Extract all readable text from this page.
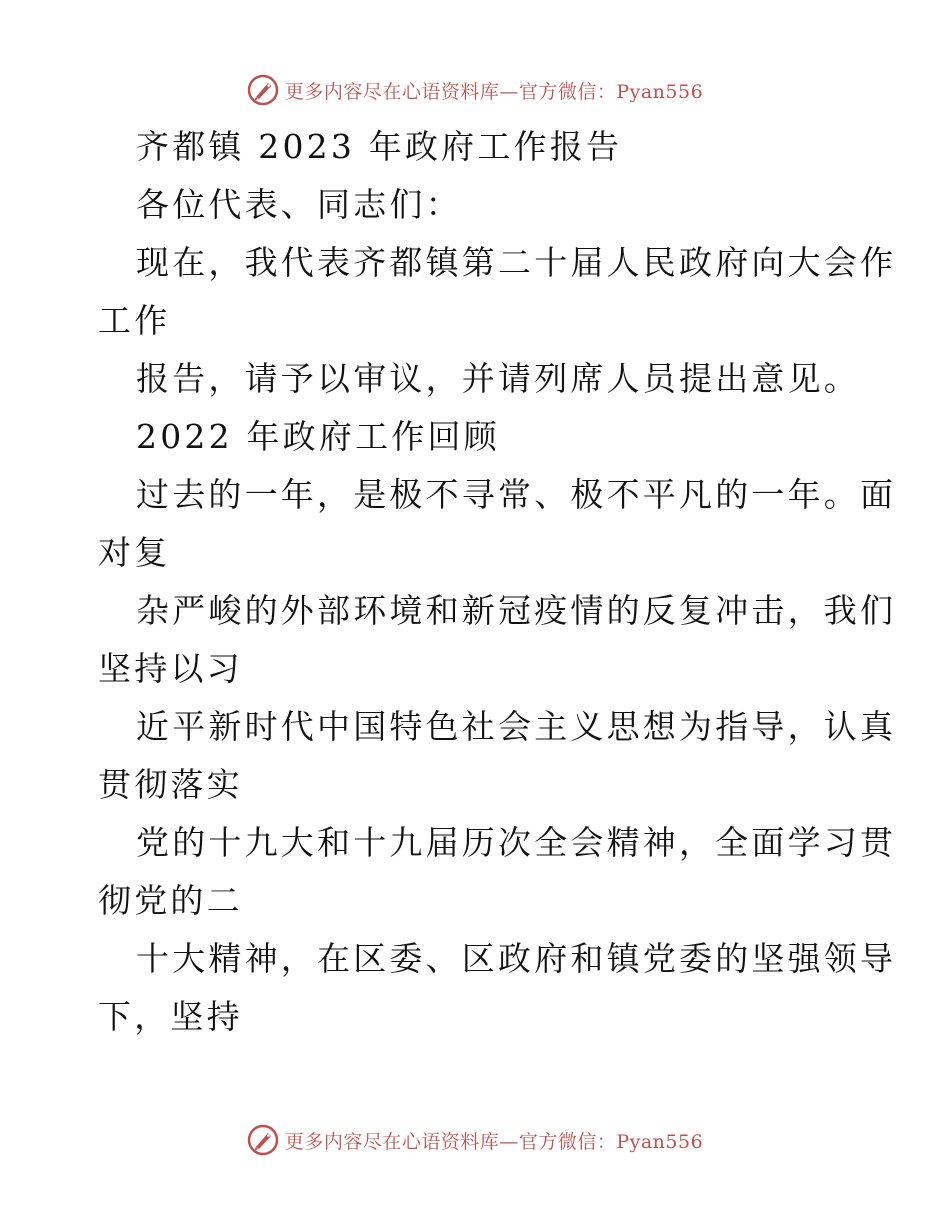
更多内容尽在心语资料库—官方微信：Pyan556
齐都镇 2023 年政府工作报告
各位代表、同志们：
现在，我代表齐都镇第二十届人民政府向大会作
工作
报告，请予以审议，并请列席人员提出意见。
2022 年政府工作回顾
过去的一年，是极不寻常、极不平凡的一年。面
对复
杂严峻的外部环境和新冠疫情的反复冲击，我们
坚持以习
近平新时代中国特色社会主义思想为指导，认真
贯彻落实
党的十九大和十九届历次全会精神，全面学习贯
彻党的二
十大精神，在区委、区政府和镇党委的坚强领导
下，坚持
更多内容尽在心语资料库—官方微信：Pyan556
